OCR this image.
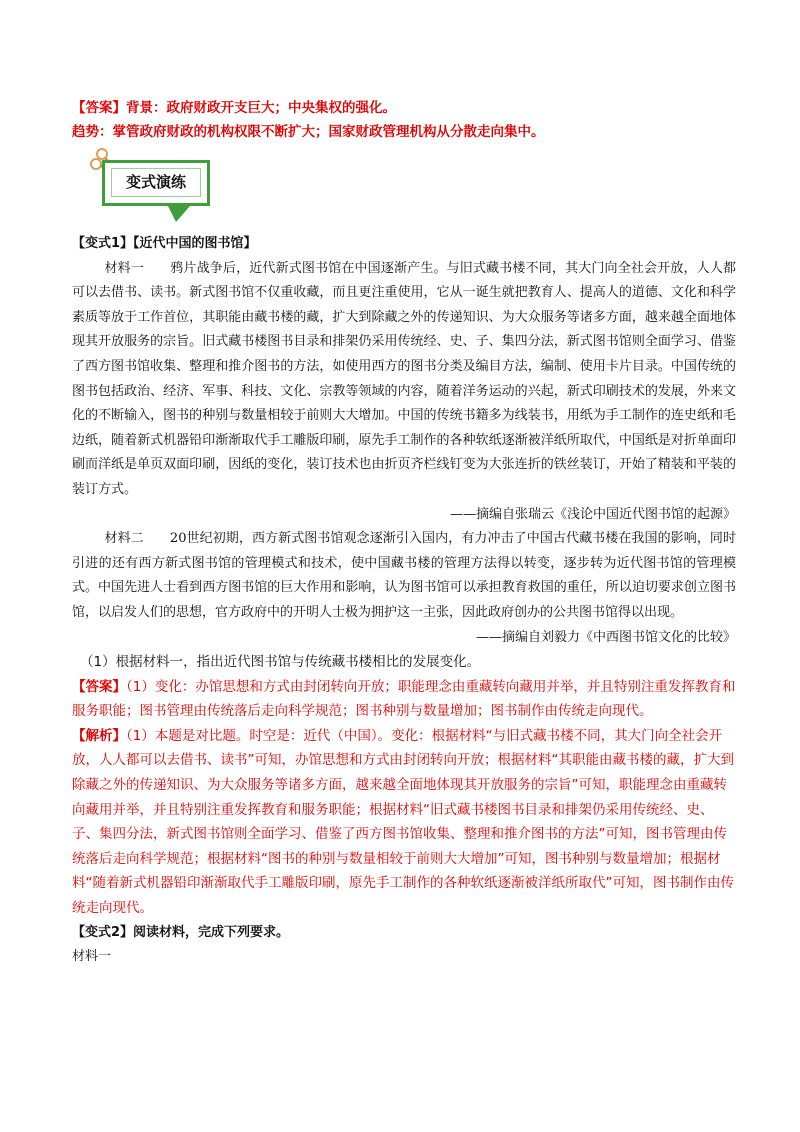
【答案】背景：政府财政开支巨大；中央集权的强化。

趋势：掌管政府财政的机构权限不断扩大；国家财政管理机构从分散走向集中。

变式演练

【变式1】【近代中国的图书馆】

材料一　　鸦片战争后，近代新式图书馆在中国逐渐产生。与旧式藏书楼不同，其大门向全社会开放，人人都可以去借书、读书。新式图书馆不仅重收藏，而且更注重使用，它从一诞生就把教育人、提高人的道德、文化和科学素质等放于工作首位，其职能由藏书楼的藏，扩大到除藏之外的传递知识、为大众服务等诸多方面，越来越全面地体现其开放服务的宗旨。旧式藏书楼图书目录和排架仍采用传统经、史、子、集四分法，新式图书馆则全面学习、借鉴了西方图书馆收集、整理和推介图书的方法，如使用西方的图书分类及编目方法，编制、使用卡片目录。中国传统的图书包括政治、经济、军事、科技、文化、宗教等领域的内容，随着洋务运动的兴起，新式印刷技术的发展，外来文化的不断输入，图书的种别与数量相较于前则大大增加。中国的传统书籍多为线装书，用纸为手工制作的连史纸和毛边纸，随着新式机器铅印渐渐取代手工雕版印刷，原先手工制作的各种软纸逐渐被洋纸所取代，中国纸是对折单面印刷而洋纸是单页双面印刷，因纸的变化，装订技术也由折页齐栏线钉变为大张连折的铁丝装订，开始了精装和平装的装订方式。

——摘编自张瑞云《浅论中国近代图书馆的起源》

材料二　　20世纪初期，西方新式图书馆观念逐渐引入国内，有力冲击了中国古代藏书楼在我国的影响，同时引进的还有西方新式图书馆的管理模式和技术，使中国藏书楼的管理方法得以转变，逐步转为近代图书馆的管理模式。中国先进人士看到西方图书馆的巨大作用和影响，认为图书馆可以承担教育救国的重任，所以迫切要求创立图书馆，以启发人们的思想，官方政府中的开明人士极为拥护这一主张，因此政府创办的公共图书馆得以出现。

——摘编自刘毅力《中西图书馆文化的比较》

（1）根据材料一，指出近代图书馆与传统藏书楼相比的发展变化。

【答案】（1）变化：办馆思想和方式由封闭转向开放；职能理念由重藏转向藏用并举，并且特别注重发挥教育和服务职能；图书管理由传统落后走向科学规范；图书种别与数量增加；图书制作由传统走向现代。

【解析】（1）本题是对比题。时空是：近代（中国）。变化：根据材料“与旧式藏书楼不同，其大门向全社会开放，人人都可以去借书、读书”可知，办馆思想和方式由封闭转向开放；根据材料“其职能由藏书楼的藏，扩大到除藏之外的传递知识、为大众服务等诸多方面，越来越全面地体现其开放服务的宗旨”可知，职能理念由重藏转向藏用并举，并且特别注重发挥教育和服务职能；根据材料“旧式藏书楼图书目录和排架仍采用传统经、史、子、集四分法，新式图书馆则全面学习、借鉴了西方图书馆收集、整理和推介图书的方法”可知，图书管理由传统落后走向科学规范；根据材料“图书的种别与数量相较于前则大大增加”可知，图书种别与数量增加；根据材料“随着新式机器铅印渐渐取代手工雕版印刷，原先手工制作的各种软纸逐渐被洋纸所取代”可知，图书制作由传统走向现代。

【变式2】阅读材料，完成下列要求。

材料一
